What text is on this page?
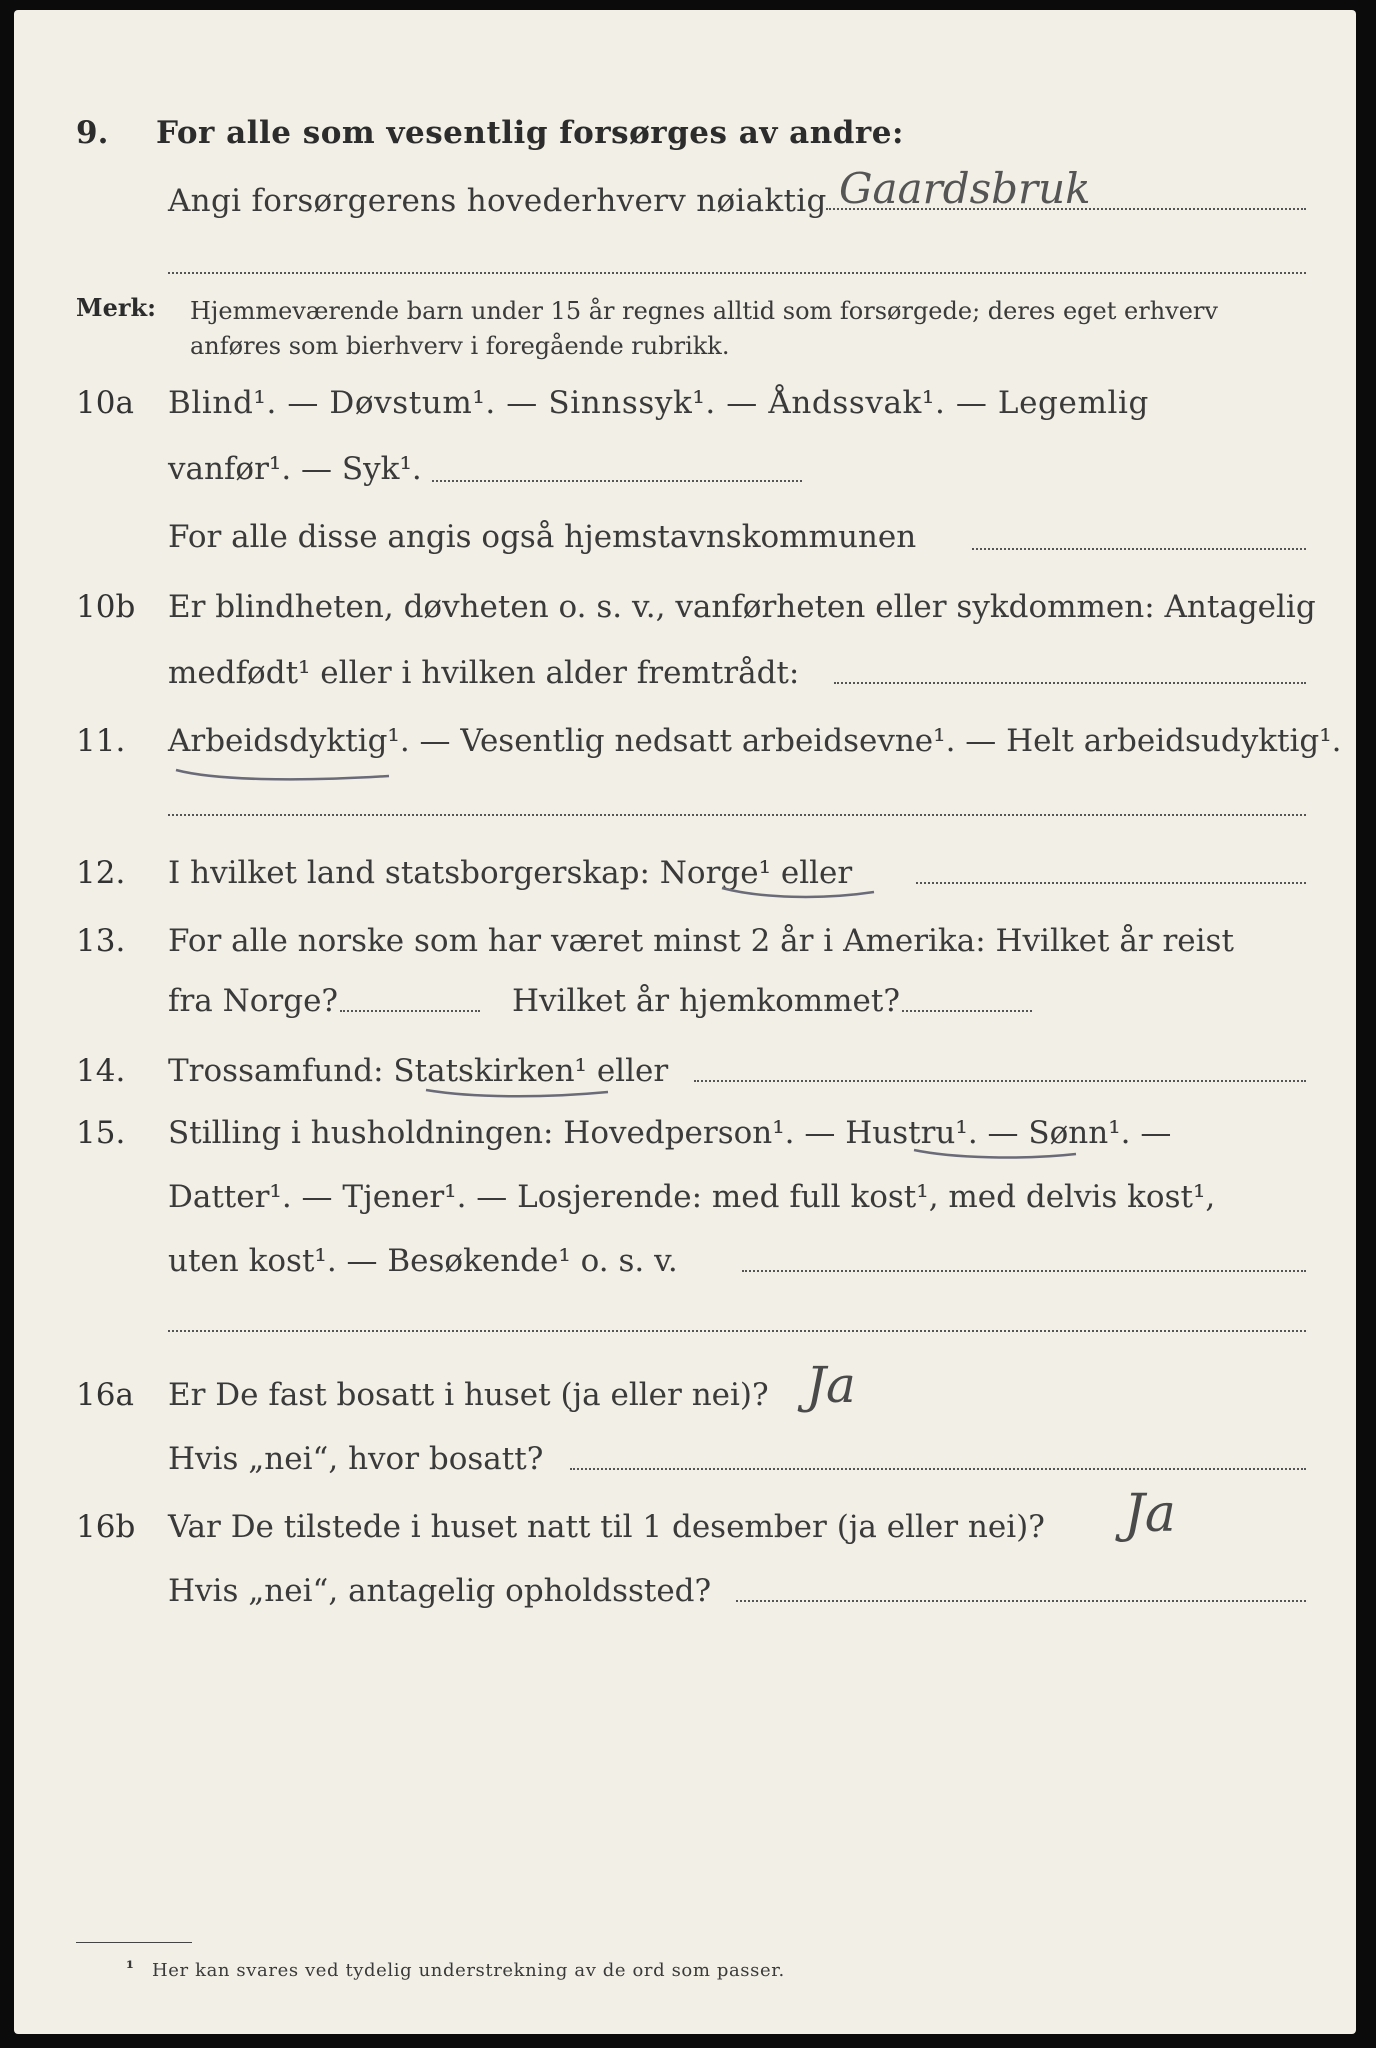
9. For alle som vesentlig forsørges av andre:
Angi forsørgerens hovederhverv nøiaktig Gaardsbruk
Merk: Hjemmeværende barn under 15 år regnes alltid som forsørgede; deres eget erhverv
anføres som bierhverv i foregående rubrikk.
10a Blind¹. — Døvstum¹. — Sinnssyk¹. — Åndssvak¹. — Legemlig
vanfør¹. — Syk¹.
For alle disse angis også hjemstavnskommunen
10b Er blindheten, døvheten o. s. v., vanførheten eller sykdommen: Antagelig
medfødt¹ eller i hvilken alder fremtrådt:
11. Arbeidsdyktig¹. — Vesentlig nedsatt arbeidsevne¹. — Helt arbeidsudyktig¹.
12. I hvilket land statsborgerskap: Norge¹ eller
13. For alle norske som har været minst 2 år i Amerika: Hvilket år reist
fra Norge?	Hvilket år hjemkommet?
14. Trossamfund: Statskirken¹ eller
15. Stilling i husholdningen: Hovedperson¹. — Hustru¹. — Sønn¹. —
Datter¹. — Tjener¹. — Losjerende: med full kost¹, med delvis kost¹,
uten kost¹. — Besøkende¹ o. s. v.
16a Er De fast bosatt i huset (ja eller nei)? Ja
Hvis „nei“, hvor bosatt?
16b Var De tilstede i huset natt til 1 desember (ja eller nei)? Ja
Hvis „nei“, antagelig opholdssted?
¹ Her kan svares ved tydelig understrekning av de ord som passer.
